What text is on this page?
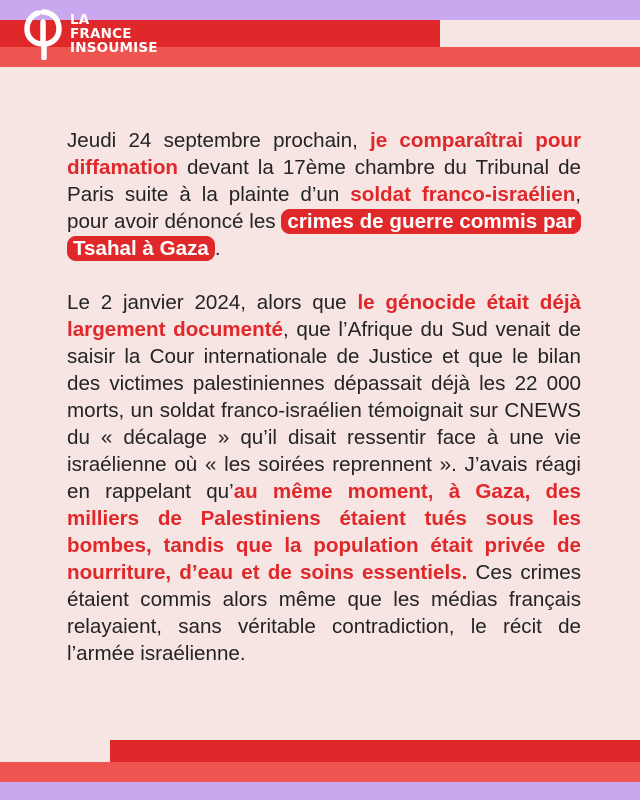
LA
FRANCE
INSOUMISE

Jeudi 24 septembre prochain, je comparaîtrai pour diffamation devant la 17ème chambre du Tribunal de Paris suite à la plainte d’un soldat franco-israélien, pour avoir dénoncé les crimes de guerre commis par Tsahal à Gaza .

Le 2 janvier 2024, alors que le génocide était déjà largement documenté, que l’Afrique du Sud venait de saisir la Cour internationale de Justice et que le bilan des victimes palestiniennes dépassait déjà les 22 000 morts, un soldat franco-israélien témoignait sur CNEWS du « décalage » qu’il disait ressentir face à une vie israélienne où « les soirées reprennent ». J’avais réagi en rappelant qu’au même moment, à Gaza, des milliers de Palestiniens étaient tués sous les bombes, tandis que la population était privée de nourriture, d’eau et de soins essentiels. Ces crimes étaient commis alors même que les médias français relayaient, sans véritable contradiction, le récit de l’armée israélienne.
